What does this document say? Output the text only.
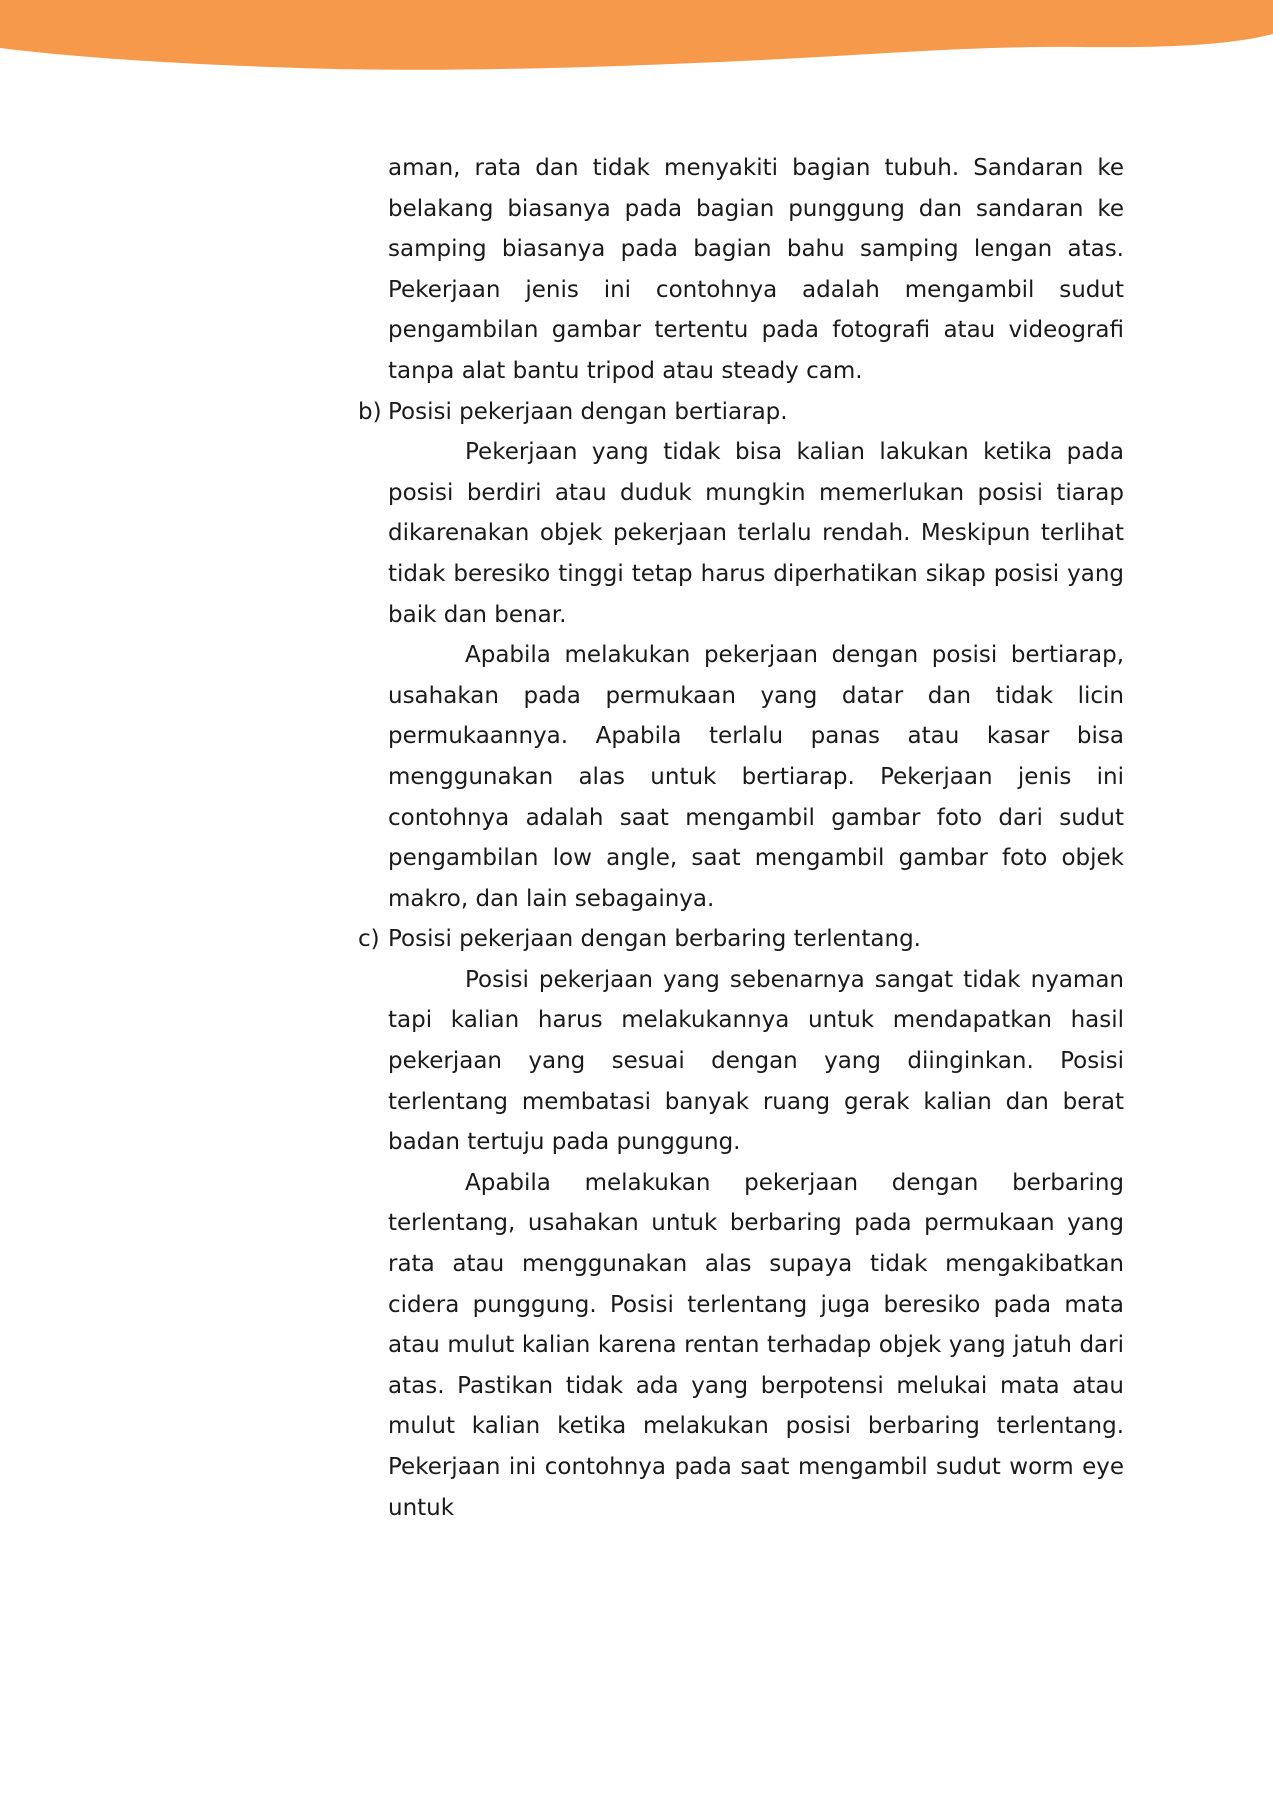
aman, rata dan tidak menyakiti bagian tubuh. Sandaran ke belakang biasanya pada bagian punggung dan sandaran ke samping biasanya pada bagian bahu samping lengan atas. Pekerjaan jenis ini contohnya adalah mengambil sudut pengambilan gambar tertentu pada fotografi atau videografi tanpa alat bantu tripod atau steady cam.

b) Posisi pekerjaan dengan bertiarap.

Pekerjaan yang tidak bisa kalian lakukan ketika pada posisi berdiri atau duduk mungkin memerlukan posisi tiarap dikarenakan objek pekerjaan terlalu rendah. Meskipun terlihat tidak beresiko tinggi tetap harus diperhatikan sikap posisi yang baik dan benar.

Apabila melakukan pekerjaan dengan posisi bertiarap, usahakan pada permukaan yang datar dan tidak licin permukaannya. Apabila terlalu panas atau kasar bisa menggunakan alas untuk bertiarap. Pekerjaan jenis ini contohnya adalah saat mengambil gambar foto dari sudut pengambilan low angle, saat mengambil gambar foto objek makro, dan lain sebagainya.

c) Posisi pekerjaan dengan berbaring terlentang.

Posisi pekerjaan yang sebenarnya sangat tidak nyaman tapi kalian harus melakukannya untuk mendapatkan hasil pekerjaan yang sesuai dengan yang diinginkan. Posisi terlentang membatasi banyak ruang gerak kalian dan berat badan tertuju pada punggung.

Apabila melakukan pekerjaan dengan berbaring terlentang, usahakan untuk berbaring pada permukaan yang rata atau menggunakan alas supaya tidak mengakibatkan cidera punggung. Posisi terlentang juga beresiko pada mata atau mulut kalian karena rentan terhadap objek yang jatuh dari atas. Pastikan tidak ada yang berpotensi melukai mata atau mulut kalian ketika melakukan posisi berbaring terlentang. Pekerjaan ini contohnya pada saat mengambil sudut worm eye untuk
